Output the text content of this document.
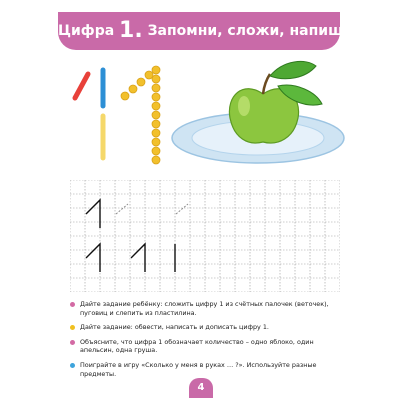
Цифра 1. Запомни, сложи, напиши
Дайте задание ребёнку: сложить цифру 1 из счётных палочек (веточек), пуговиц и слепить из пластилина.
Дайте задание: обвести, написать и дописать цифру 1.
Объясните, что цифра 1 обозначает количество – одно яблоко, один апельсин, одна груша.
Поиграйте в игру «Сколько у меня в руках … ?». Используйте разные предметы.
4
